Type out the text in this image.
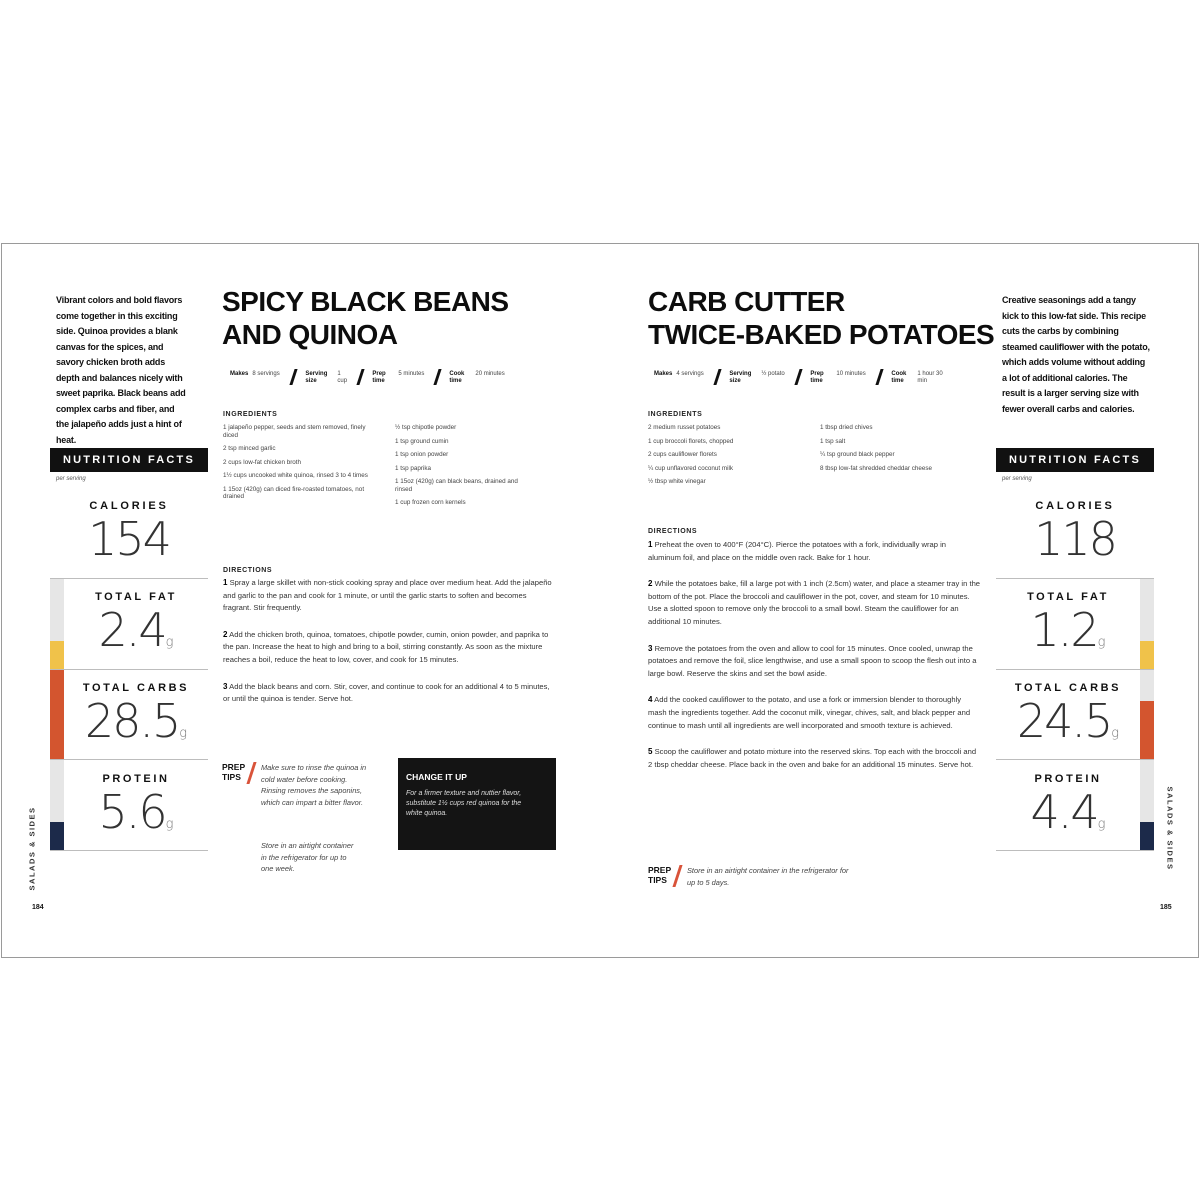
Vibrant colors and bold flavors come together in this exciting side. Quinoa provides a blank canvas for the spices, and savory chicken broth adds depth and balances nicely with sweet paprika. Black beans add complex carbs and fiber, and the jalapeño adds just a hint of heat.
NUTRITION FACTS
per serving
CALORIES
154
TOTAL FAT
2.4g
TOTAL CARBS
28.5g
PROTEIN
5.6g
SALADS & SIDES
184
SPICY BLACK BEANS
AND QUINOA
Makes 8 servings	Serving size
1 cup
Prep time
5 minutes	Cook time
20 minutes
INGREDIENTS
1 jalapeño pepper, seeds and stem removed, finely diced
2 tsp minced garlic
2 cups low-fat chicken broth
1½ cups uncooked white quinoa, rinsed 3 to 4 times
1 15oz (420g) can diced fire-roasted tomatoes, not drained
½ tsp chipotle powder
1 tsp ground cumin
1 tsp onion powder
1 tsp paprika
1 15oz (420g) can black beans, drained and rinsed
1 cup frozen corn kernels
DIRECTIONS

1 Spray a large skillet with non-stick cooking spray and place over medium heat. Add the jalapeño and garlic to the pan and cook for 1 minute, or until the garlic starts to soften and becomes fragrant. Stir frequently.

2 Add the chicken broth, quinoa, tomatoes, chipotle powder, cumin, onion powder, and paprika to the pan. Increase the heat to high and bring to a boil, stirring constantly. As soon as the mixture reaches a boil, reduce the heat to low, cover, and cook for 15 minutes.

3 Add the black beans and corn. Stir, cover, and continue to cook for an additional 4 to 5 minutes, or until the quinoa is tender. Serve hot.

PREP
TIPS
Make sure to rinse the quinoa in cold water before cooking. Rinsing removes the saponins, which can impart a bitter flavor.
Store in an airtight container in the refrigerator for up to one week.
CHANGE IT UP
For a firmer texture and nuttier flavor, substitute 1½ cups red quinoa for the white quinoa.
CARB CUTTER
TWICE-BAKED POTATOES
Makes 4 servings	Serving size
½ potato	Prep time
10 minutes	Cook time
1 hour 30 min
INGREDIENTS
2 medium russet potatoes
1 cup broccoli florets, chopped
2 cups cauliflower florets
¼ cup unflavored coconut milk
½ tbsp white vinegar
1 tbsp dried chives
1 tsp salt
¼ tsp ground black pepper
8 tbsp low-fat shredded cheddar cheese
DIRECTIONS

1 Preheat the oven to 400°F (204°C). Pierce the potatoes with a fork, individually wrap in aluminum foil, and place on the middle oven rack. Bake for 1 hour.

2 While the potatoes bake, fill a large pot with 1 inch (2.5cm) water, and place a steamer tray in the bottom of the pot. Place the broccoli and cauliflower in the pot, cover, and steam for 10 minutes. Use a slotted spoon to remove only the broccoli to a small bowl. Steam the cauliflower for an additional 10 minutes.

3 Remove the potatoes from the oven and allow to cool for 15 minutes. Once cooled, unwrap the potatoes and remove the foil, slice lengthwise, and use a small spoon to scoop the flesh out into a large bowl. Reserve the skins and set the bowl aside.

4 Add the cooked cauliflower to the potato, and use a fork or immersion blender to thoroughly mash the ingredients together. Add the coconut milk, vinegar, chives, salt, and black pepper and continue to mash until all ingredients are well incorporated and smooth texture is achieved.

5 Scoop the cauliflower and potato mixture into the reserved skins. Top each with the broccoli and 2 tbsp cheddar cheese. Place back in the oven and bake for an additional 15 minutes. Serve hot.

PREP
TIPS
Store in an airtight container in the refrigerator for up to 5 days.
Creative seasonings add a tangy kick to this low-fat side. This recipe cuts the carbs by combining steamed cauliflower with the potato, which adds volume without adding a lot of additional calories. The result is a larger serving size with fewer overall carbs and calories.
NUTRITION FACTS
per serving
CALORIES
118
TOTAL FAT
1.2g
TOTAL CARBS
24.5g
PROTEIN
4.4g	SALADS & SIDES
185
